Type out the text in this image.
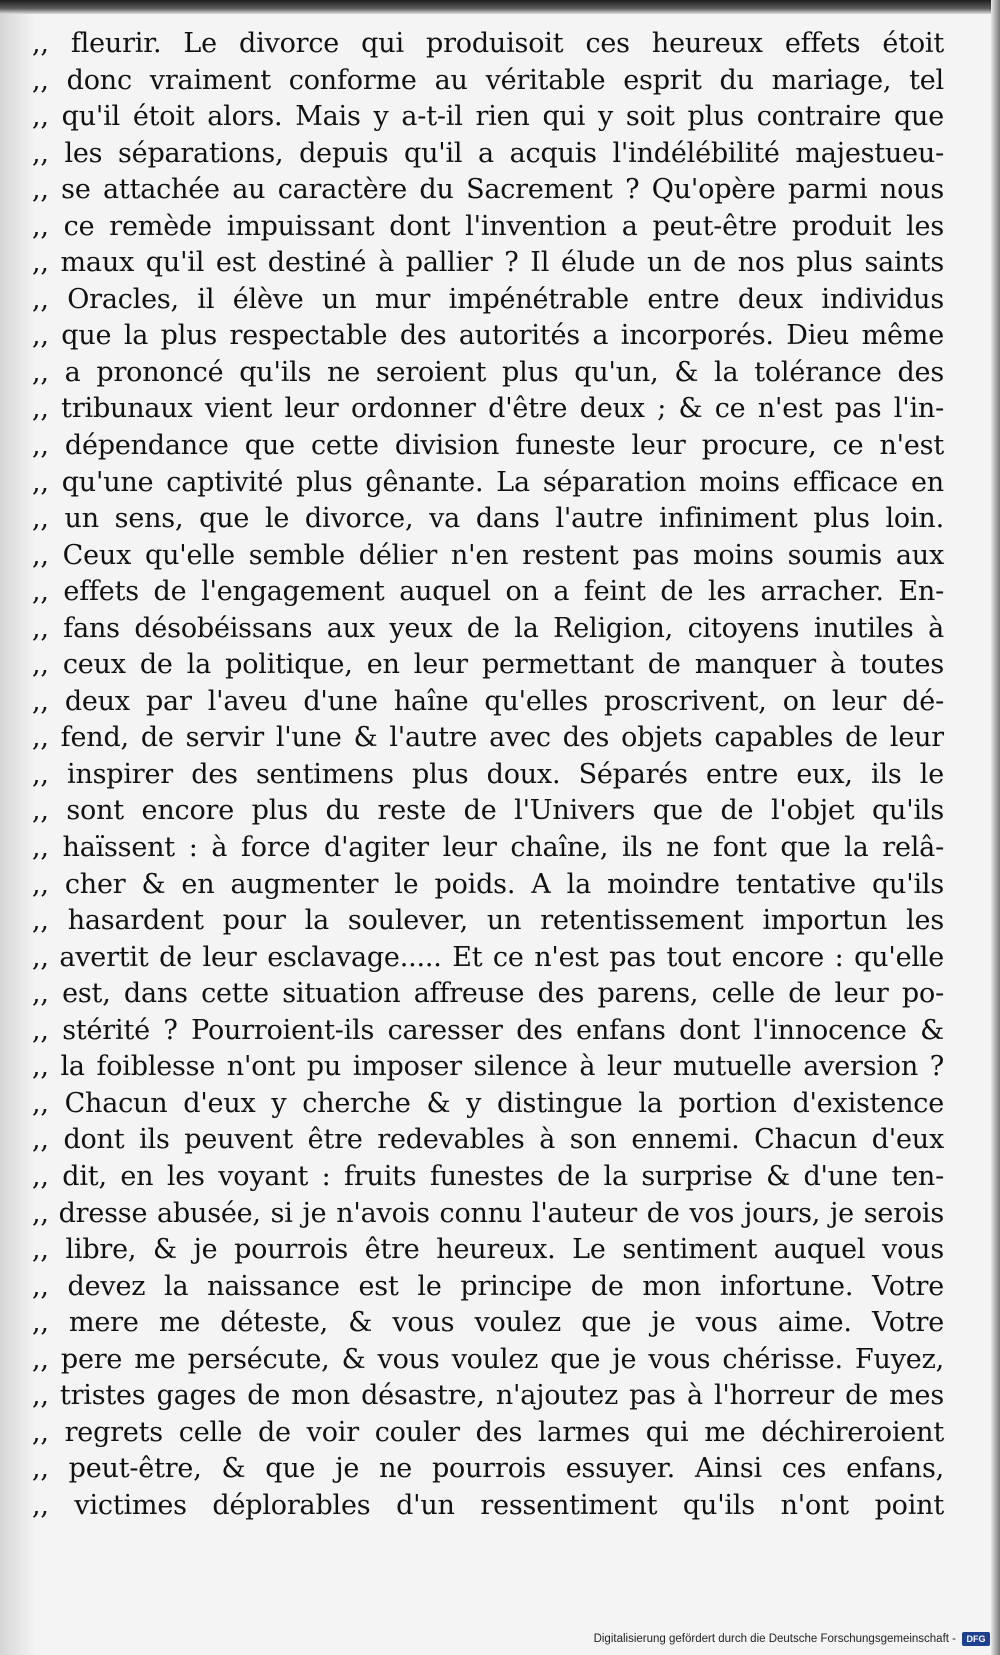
,, fleurir. Le divorce qui produisoit ces heureux effets étoit
,, donc vraiment conforme au véritable esprit du mariage, tel
,, qu'il étoit alors. Mais y a-t-il rien qui y soit plus contraire que
,, les séparations, depuis qu'il a acquis l'indélébilité majestueu-
,, se attachée au caractère du Sacrement ? Qu'opère parmi nous
,, ce remède impuissant dont l'invention a peut-être produit les
,, maux qu'il est destiné à pallier ? Il élude un de nos plus saints
,, Oracles, il élève un mur impénétrable entre deux individus
,, que la plus respectable des autorités a incorporés. Dieu même
,, a prononcé qu'ils ne seroient plus qu'un, & la tolérance des
,, tribunaux vient leur ordonner d'être deux ; & ce n'est pas l'in-
,, dépendance que cette division funeste leur procure, ce n'est
,, qu'une captivité plus gênante. La séparation moins efficace en
,, un sens, que le divorce, va dans l'autre infiniment plus loin.
,, Ceux qu'elle semble délier n'en restent pas moins soumis aux
,, effets de l'engagement auquel on a feint de les arracher. En-
,, fans désobéissans aux yeux de la Religion, citoyens inutiles à
,, ceux de la politique, en leur permettant de manquer à toutes
,, deux par l'aveu d'une haîne qu'elles proscrivent, on leur dé-
,, fend, de servir l'une & l'autre avec des objets capables de leur
,, inspirer des sentimens plus doux. Séparés entre eux, ils le
,, sont encore plus du reste de l'Univers que de l'objet qu'ils
,, haïssent : à force d'agiter leur chaîne, ils ne font que la relâ-
,, cher & en augmenter le poids. A la moindre tentative qu'ils
,, hasardent pour la soulever, un retentissement importun les
,, avertit de leur esclavage..... Et ce n'est pas tout encore : qu'elle
,, est, dans cette situation affreuse des parens, celle de leur po-
,, stérité ? Pourroient-ils caresser des enfans dont l'innocence &
,, la foiblesse n'ont pu imposer silence à leur mutuelle aversion ?
,, Chacun d'eux y cherche & y distingue la portion d'existence
,, dont ils peuvent être redevables à son ennemi. Chacun d'eux
,, dit, en les voyant : fruits funestes de la surprise & d'une ten-
,, dresse abusée, si je n'avois connu l'auteur de vos jours, je serois
,, libre, & je pourrois être heureux. Le sentiment auquel vous
,, devez la naissance est le principe de mon infortune. Votre
,, mere me déteste, & vous voulez que je vous aime. Votre
,, pere me persécute, & vous voulez que je vous chérisse. Fuyez,
,, tristes gages de mon désastre, n'ajoutez pas à l'horreur de mes
,, regrets celle de voir couler des larmes qui me déchireroient
,, peut-être, & que je ne pourrois essuyer. Ainsi ces enfans,
,, victimes déplorables d'un ressentiment qu'ils n'ont point
Digitalisierung gefördert durch die Deutsche Forschungsgemeinschaft -	DFG
